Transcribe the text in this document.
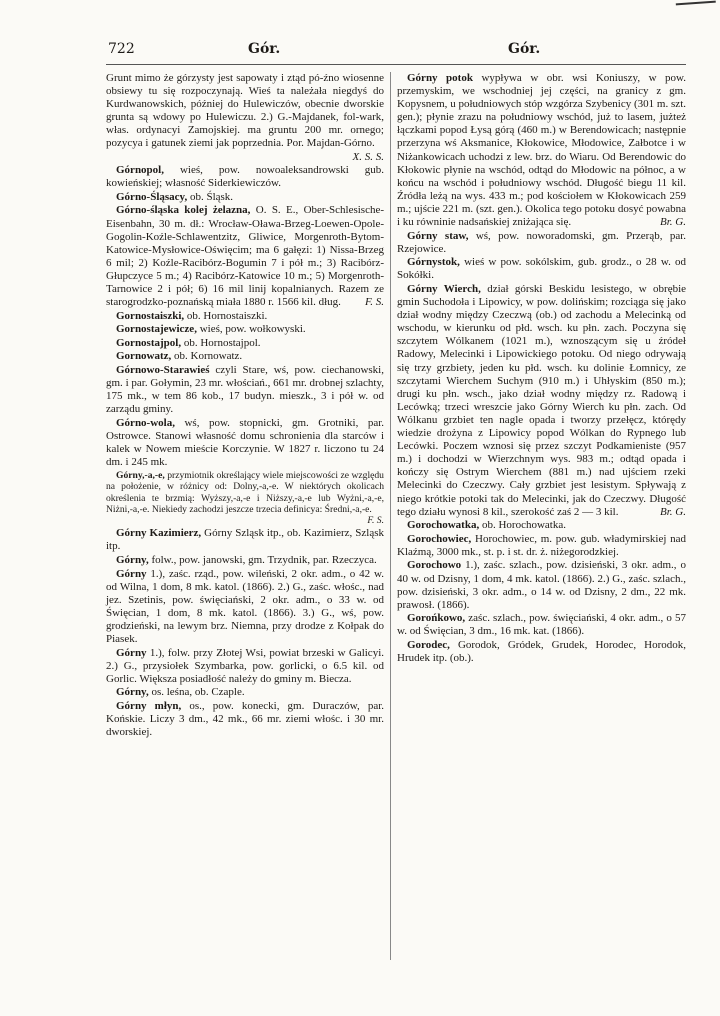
722	Gór.	Gór.

Grunt mimo że górzysty jest sapowaty i ztąd pó-źno wiosenne obsiewy tu się rozpoczynają. Wieś ta należała niegdyś do Kurdwanowskich, później do Hulewiczów, obecnie dworskie grunta są wdowy po Hulewiczu. 2.) G.-Majdanek, fol-wark, włas. ordynacyi Zamojskiej. ma gruntu 200 mr. ornego; pozycya i gatunek ziemi jak poprzednia. Por. Majdan-Górno.
X. S. S.

Górnopol, wieś, pow. nowoaleksandrowski gub. kowieńskiej; własność Siderkiewiczów.

Górno-Śląsacy, ob. Śląsk.

Górno-śląska kolej żelazna, O. S. E., Ober-Schlesische-Eisenbahn, 30 m. dł.: Wrocław-Oława-Brzeg-Loewen-Opole-Gogolin-Koźle-Schlawentzitz, Gliwice, Morgenroth-Bytom-Katowice-Mysłowice-Oświęcim; ma 6 gałęzi: 1) Nissa-Brzeg 6 mil; 2) Koźle-Racibórz-Bogumin 7 i pół m.; 3) Racibórz-Głupczyce 5 m.; 4) Racibórz-Katowice 10 m.; 5) Morgenroth-Tarnowice 2 i pół; 6) 16 mil linij kopalnianych. Razem ze starogrodzko-poznańską miała 1880 r. 1566 kil. dług.	F. S.

Gornostaiszki, ob. Hornostaiszki.

Gornostajewicze, wieś, pow. wołkowyski.

Gornostajpol, ob. Hornostajpol.

Gornowatz, ob. Kornowatz.

Górnowo-Starawieś czyli Stare, wś, pow. ciechanowski, gm. i par. Gołymin, 23 mr. włościań., 661 mr. drobnej szlachty, 175 mk., w tem 86 kob., 17 budyn. mieszk., 3 i pół w. od zarządu gminy.

Górno-wola, wś, pow. stopnicki, gm. Grotniki, par. Ostrowce. Stanowi własność domu schronienia dla starców i kalek w Nowem mieście Korczynie. W 1827 r. liczono tu 24 dm. i 245 mk.

Górny,-a,-e, przymiotnik określający wiele miejscowości ze względu na położenie, w różnicy od: Dolny,-a,-e. W niektórych okolicach określenia te brzmią: Wyższy,-a,-e i Niższy,-a,-e lub Wyżni,-a,-e, Niżni,-a,-e. Niekiedy zachodzi jeszcze trzecia definicya: Średni,-a,-e.
F. S.

Górny Kazimierz, Górny Szląsk itp., ob. Kazimierz, Szląsk itp.

Górny, folw., pow. janowski, gm. Trzydnik, par. Rzeczyca.

Górny 1.), zaśc. rząd., pow. wileński, 2 okr. adm., o 42 w. od Wilna, 1 dom, 8 mk. katol. (1866). 2.) G., zaśc. włośc., nad jez. Szetinis, pow. święciański, 2 okr. adm., o 33 w. od Święcian, 1 dom, 8 mk. katol. (1866). 3.) G., wś, pow. grodzieński, na lewym brz. Niemna, przy drodze z Kołpak do Piasek.

Górny 1.), folw. przy Złotej Wsi, powiat brzeski w Galicyi. 2.) G., przysiołek Szymbarka, pow. gorlicki, o 6.5 kil. od Gorlic. Większa posiadłość należy do gminy m. Biecza.

Górny, os. leśna, ob. Czaple.

Górny młyn, os., pow. konecki, gm. Duraczów, par. Końskie. Liczy 3 dm., 42 mk., 66 mr. ziemi włośc. i 30 mr. dworskiej.

Górny potok wypływa w obr. wsi Koniuszy, w pow. przemyskim, we wschodniej jej części, na granicy z gm. Kopysnem, u południowych stóp wzgórza Szybenicy (301 m. szt. gen.); płynie zrazu na południowy wschód, już to lasem, jużteż łączkami popod Łysą górą (460 m.) w Berendowicach; następnie przerzyna wś Aksmanice, Kłokowice, Młodowice, Załbotce i w Niżankowicach uchodzi z lew. brz. do Wiaru. Od Berendowic do Kłokowic płynie na wschód, odtąd do Młodowic na północ, a w końcu na wschód i południowy wschód. Długość biegu 11 kil. Źródła leżą na wys. 433 m.; pod kościołem w Kłokowicach 259 m.; ujście 221 m. (szt. gen.). Okolica tego potoku dosyć powabna i ku równinie nadsańskiej zniżająca się.	Br. G.

Górny staw, wś, pow. noworadomski, gm. Przerąb, par. Rzejowice.

Górnystok, wieś w pow. sokólskim, gub. grodz., o 28 w. od Sokółki.

Górny Wierch, dział górski Beskidu lesistego, w obrębie gmin Suchodoła i Lipowicy, w pow. dolińskim; rozciąga się jako dział wodny między Czeczwą (ob.) od zachodu a Melecinką od wschodu, w kierunku od płd. wsch. ku płn. zach. Poczyna się szczytem Wólkanem (1021 m.), wznoszącym się u źródeł Radowy, Melecinki i Lipowickiego potoku. Od niego odrywają się trzy grzbiety, jeden ku płd. wsch. ku dolinie Łomnicy, ze szczytami Wierchem Suchym (910 m.) i Uhłyskim (850 m.); drugi ku płn. wsch., jako dział wodny między rz. Radową i Lecówką; trzeci wreszcie jako Górny Wierch ku płn. zach. Od Wólkanu grzbiet ten nagle opada i tworzy przełęcz, którędy wiedzie drożyna z Lipowicy popod Wólkan do Rypnego lub Lecówki. Poczem wznosi się przez szczyt Podkamieniste (957 m.) i dochodzi w Wierzchnym wys. 983 m.; odtąd opada i kończy się Ostrym Wierchem (881 m.) nad ujściem rzeki Melecinki do Czeczwy. Cały grzbiet jest lesistym. Spływają z niego krótkie potoki tak do Melecinki, jak do Czeczwy. Długość tego działu wynosi 8 kil., szerokość zaś 2 — 3 kil.	Br. G.

Gorochowatka, ob. Horochowatka.

Gorochowiec, Horochowiec, m. pow. gub. władymirskiej nad Klaźmą, 3000 mk., st. p. i st. dr. ż. niżegorodzkiej.

Gorochowo 1.), zaśc. szlach., pow. dzisieński, 3 okr. adm., o 40 w. od Dzisny, 1 dom, 4 mk. katol. (1866). 2.) G., zaśc. szlach., pow. dzisieński, 3 okr. adm., o 14 w. od Dzisny, 2 dm., 22 mk. prawosł. (1866).

Gorońkowo, zaśc. szlach., pow. święciański, 4 okr. adm., o 57 w. od Święcian, 3 dm., 16 mk. kat. (1866).

Gorodec, Gorodok, Gródek, Grudek, Horodec, Horodok, Hrudek itp. (ob.).
